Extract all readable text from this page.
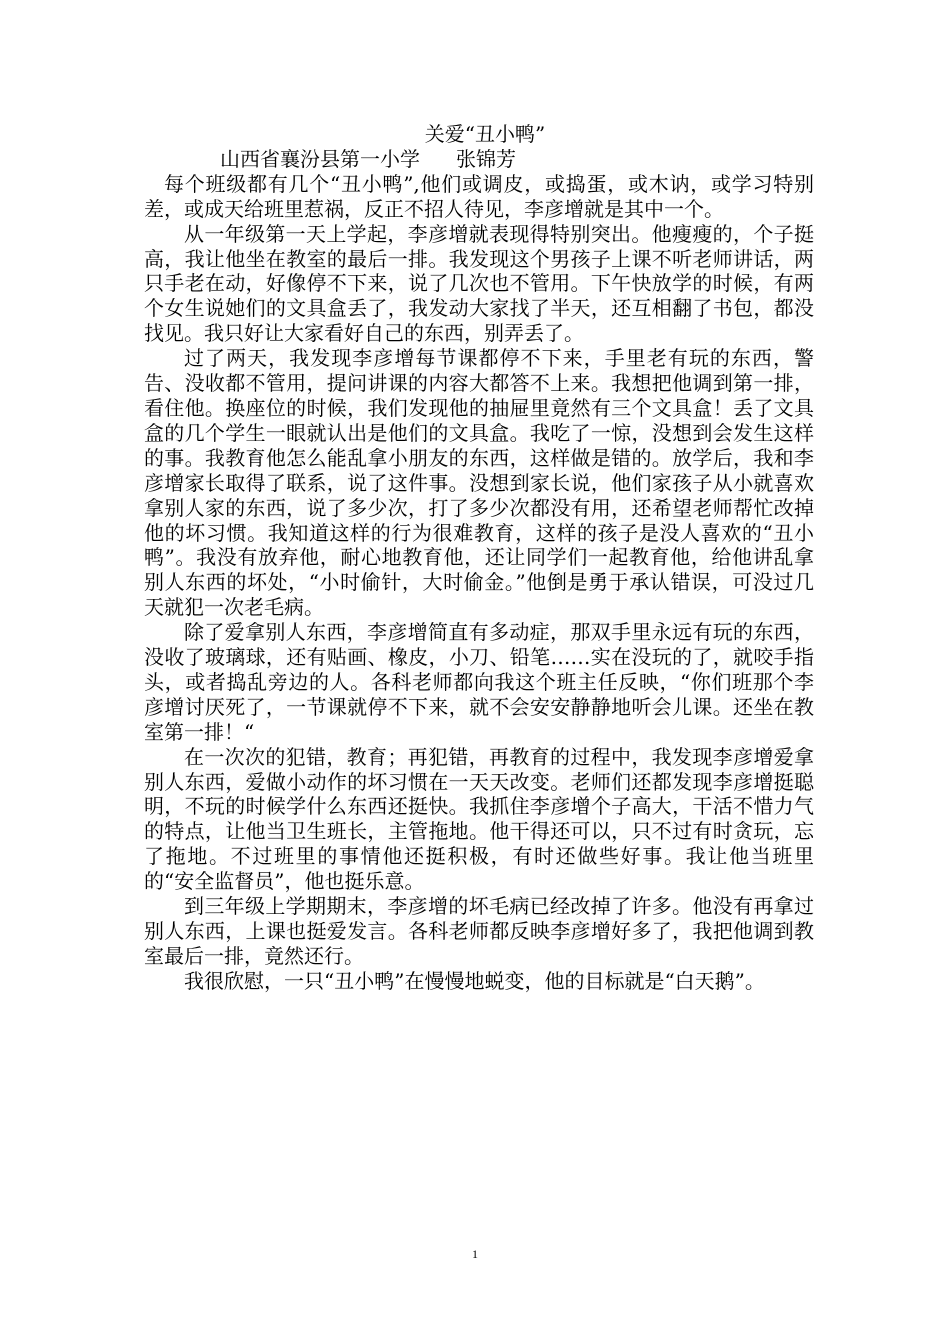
关爱“丑小鸭”

山西省襄汾县第一小学 张锦芳

每个班级都有几个“丑小鸭”,他们或调皮，或捣蛋，或木讷，或学习特别差，或成天给班里惹祸，反正不招人待见，李彦增就是其中一个。

从一年级第一天上学起，李彦增就表现得特别突出。他瘦瘦的，个子挺高，我让他坐在教室的最后一排。我发现这个男孩子上课不听老师讲话，两只手老在动，好像停不下来，说了几次也不管用。下午快放学的时候，有两个女生说她们的文具盒丢了，我发动大家找了半天，还互相翻了书包，都没找见。我只好让大家看好自己的东西，别弄丢了。

过了两天，我发现李彦增每节课都停不下来，手里老有玩的东西，警告、没收都不管用，提问讲课的内容大都答不上来。我想把他调到第一排，看住他。换座位的时候，我们发现他的抽屉里竟然有三个文具盒！丢了文具盒的几个学生一眼就认出是他们的文具盒。我吃了一惊，没想到会发生这样的事。我教育他怎么能乱拿小朋友的东西，这样做是错的。放学后，我和李彦增家长取得了联系，说了这件事。没想到家长说，他们家孩子从小就喜欢拿别人家的东西，说了多少次，打了多少次都没有用，还希望老师帮忙改掉他的坏习惯。我知道这样的行为很难教育，这样的孩子是没人喜欢的“丑小鸭”。我没有放弃他，耐心地教育他，还让同学们一起教育他，给他讲乱拿别人东西的坏处，“小时偷针，大时偷金。”他倒是勇于承认错误，可没过几天就犯一次老毛病。

除了爱拿别人东西，李彦增简直有多动症，那双手里永远有玩的东西，没收了玻璃球，还有贴画、橡皮，小刀、铅笔……实在没玩的了，就咬手指头，或者捣乱旁边的人。各科老师都向我这个班主任反映，“你们班那个李彦增讨厌死了，一节课就停不下来，就不会安安静静地听会儿课。还坐在教室第一排！“

在一次次的犯错，教育；再犯错，再教育的过程中，我发现李彦增爱拿别人东西，爱做小动作的坏习惯在一天天改变。老师们还都发现李彦增挺聪明，不玩的时候学什么东西还挺快。我抓住李彦增个子高大，干活不惜力气的特点，让他当卫生班长，主管拖地。他干得还可以，只不过有时贪玩，忘了拖地。不过班里的事情他还挺积极，有时还做些好事。我让他当班里的“安全监督员”，他也挺乐意。

到三年级上学期期末，李彦增的坏毛病已经改掉了许多。他没有再拿过别人东西，上课也挺爱发言。各科老师都反映李彦增好多了，我把他调到教室最后一排，竟然还行。

我很欣慰，一只“丑小鸭”在慢慢地蜕变，他的目标就是“白天鹅”。

1
